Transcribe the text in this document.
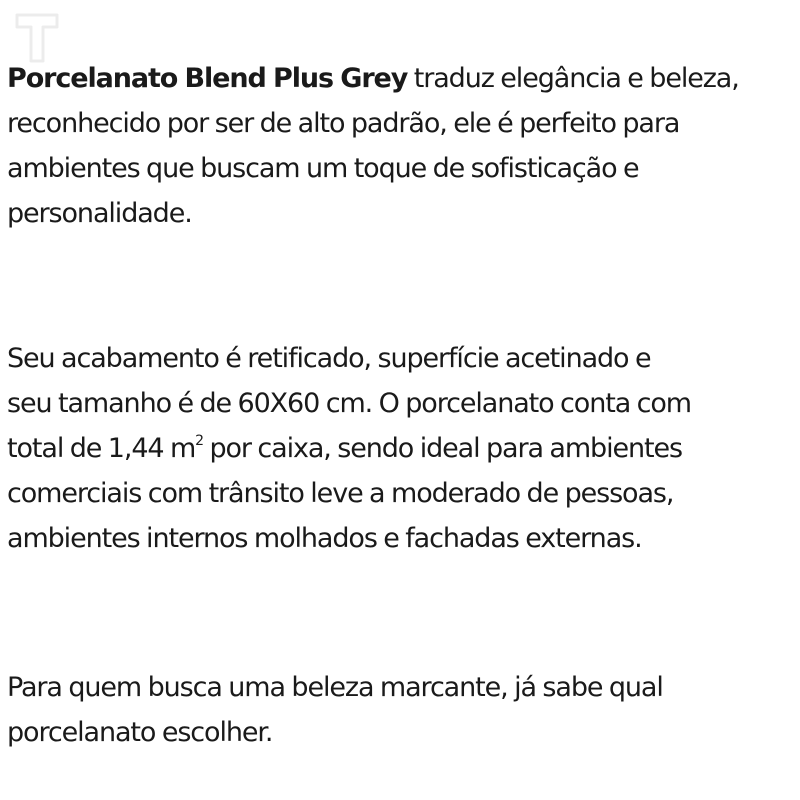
Porcelanato Blend Plus Grey traduz elegância e beleza,
reconhecido por ser de alto padrão, ele é perfeito para
ambientes que buscam um toque de sofisticação e
personalidade.

Seu acabamento é retificado, superfície acetinado e
seu tamanho é de 60X60 cm. O porcelanato conta com
total de 1,44 $m^2$ por caixa, sendo ideal para ambientes
comerciais com trânsito leve a moderado de pessoas,
ambientes internos molhados e fachadas externas.

Para quem busca uma beleza marcante, já sabe qual
porcelanato escolher.
